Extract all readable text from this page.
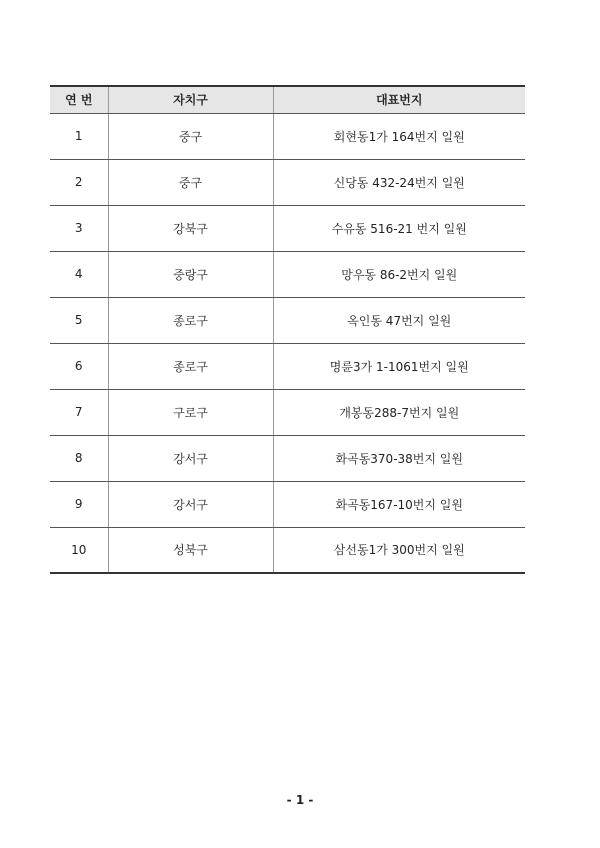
연 번	자치구	대표번지
1	중구	회현동1가 164번지 일원
2	중구	신당동 432-24번지 일원
3	강북구	수유동 516-21 번지 일원
4	중랑구	망우동 86-2번지 일원
5	종로구	옥인동 47번지 일원
6	종로구	명륜3가 1-1061번지 일원
7	구로구	개봉동288-7번지 일원
8	강서구	화곡동370-38번지 일원
9	강서구	화곡동167-10번지 일원
10	성북구	삼선동1가 300번지 일원
- 1 -
